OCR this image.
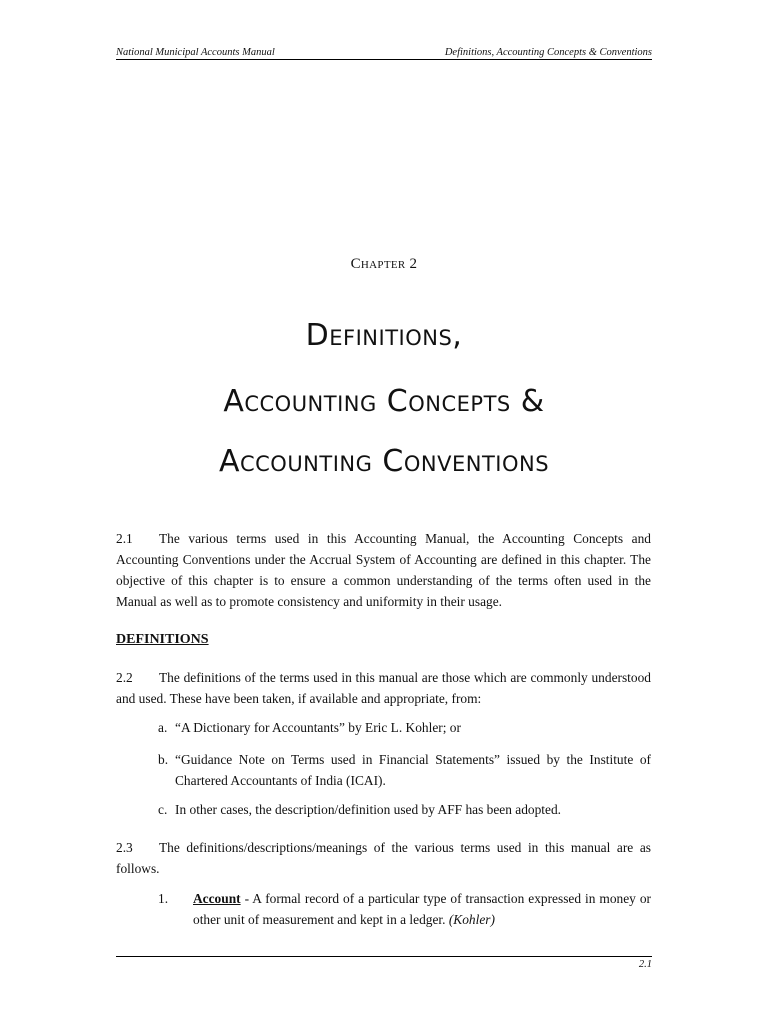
National Municipal Accounts Manual	Definitions, Accounting Concepts & Conventions
Chapter 2
Definitions,
Accounting Concepts &
Accounting Conventions
2.1 The various terms used in this Accounting Manual, the Accounting Concepts and Accounting Conventions under the Accrual System of Accounting are defined in this chapter. The objective of this chapter is to ensure a common understanding of the terms often used in the Manual as well as to promote consistency and uniformity in their usage.
DEFINITIONS
2.2 The definitions of the terms used in this manual are those which are commonly understood and used. These have been taken, if available and appropriate, from:
a. “A Dictionary for Accountants” by Eric L. Kohler; or
b. “Guidance Note on Terms used in Financial Statements” issued by the Institute of Chartered Accountants of India (ICAI).
c. In other cases, the description/definition used by AFF has been adopted.
2.3 The definitions/descriptions/meanings of the various terms used in this manual are as follows.
1. Account - A formal record of a particular type of transaction expressed in money or other unit of measurement and kept in a ledger. (Kohler)
2.1
